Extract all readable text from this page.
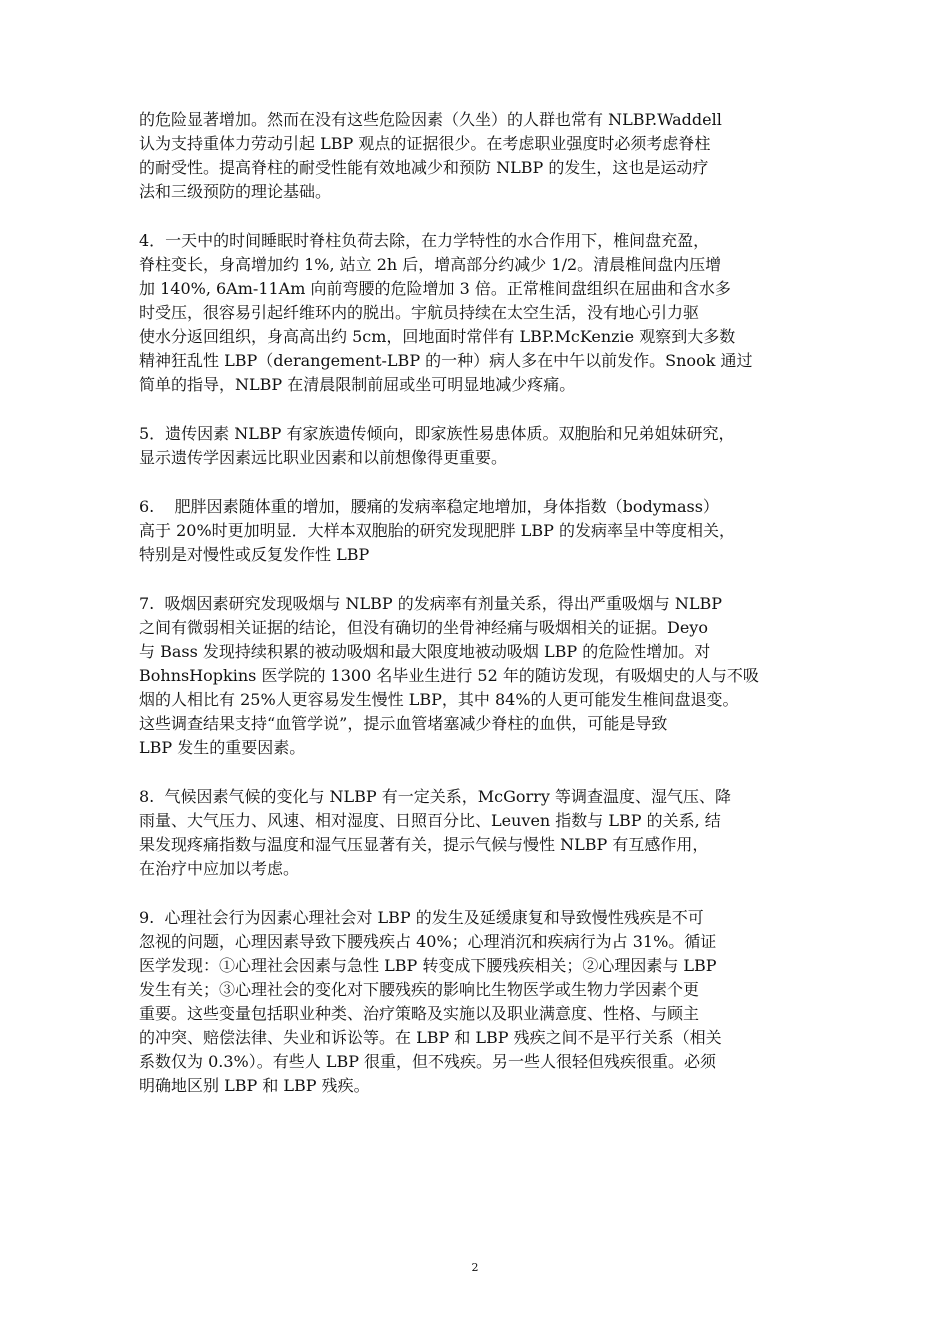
的危险显著增加。然而在没有这些危险因素（久坐）的人群也常有 NLBP.Waddell
认为支持重体力劳动引起 LBP 观点的证据很少。在考虑职业强度时必须考虑脊柱
的耐受性。提高脊柱的耐受性能有效地减少和预防 NLBP 的发生，这也是运动疗
法和三级预防的理论基础。

4．一天中的时间睡眠时脊柱负荷去除，在力学特性的水合作用下，椎间盘充盈，
脊柱变长，身高增加约 1%, 站立 2h 后，增高部分约减少 1/2。清晨椎间盘内压增
加 140%, 6Am-11Am 向前弯腰的危险增加 3 倍。正常椎间盘组织在屈曲和含水多
时受压，很容易引起纤维环内的脱出。宇航员持续在太空生活，没有地心引力驱
使水分返回组织，身高高出约 5cm，回地面时常伴有 LBP.McKenzie 观察到大多数
精神狂乱性 LBP（derangement-LBP 的一种）病人多在中午以前发作。Snook 通过
简单的指导，NLBP 在清晨限制前屈或坐可明显地减少疼痛。

5．遗传因素 NLBP 有家族遗传倾向，即家族性易患体质。双胞胎和兄弟姐妹研究，
显示遗传学因素远比职业因素和以前想像得更重要。

6.    肥胖因素随体重的增加，腰痛的发病率稳定地增加，身体指数（bodymass）
高于 20%时更加明显．大样本双胞胎的研究发现肥胖 LBP 的发病率呈中等度相关，
特别是对慢性或反复发作性 LBP

7.  吸烟因素研究发现吸烟与 NLBP 的发病率有剂量关系，得出严重吸烟与 NLBP
之间有微弱相关证据的结论，但没有确切的坐骨神经痛与吸烟相关的证据。Deyo
与 Bass 发现持续积累的被动吸烟和最大限度地被动吸烟 LBP 的危险性增加。对
BohnsHopkins 医学院的 1300 名毕业生进行 52 年的随访发现，有吸烟史的人与不吸
烟的人相比有 25%人更容易发生慢性 LBP，其中 84%的人更可能发生椎间盘退变。
这些调查结果支持“血管学说”，提示血管堵塞减少脊柱的血供，可能是导致
LBP 发生的重要因素。

8.  气候因素气候的变化与 NLBP 有一定关系，McGorry 等调查温度、湿气压、降
雨量、大气压力、风速、相对湿度、日照百分比、Leuven 指数与 LBP 的关系, 结
果发现疼痛指数与温度和湿气压显著有关，提示气候与慢性 NLBP 有互感作用，
在治疗中应加以考虑。

9.  心理社会行为因素心理社会对 LBP 的发生及延缓康复和导致慢性残疾是不可
忽视的问题，心理因素导致下腰残疾占 40%；心理消沉和疾病行为占 31%。循证
医学发现：①心理社会因素与急性 LBP 转变成下腰残疾相关；②心理因素与 LBP
发生有关；③心理社会的变化对下腰残疾的影响比生物医学或生物力学因素个更
重要。这些变量包括职业种类、治疗策略及实施以及职业满意度、性格、与顾主
的冲突、赔偿法律、失业和诉讼等。在 LBP 和 LBP 残疾之间不是平行关系（相关
系数仅为 0.3%）。有些人 LBP 很重，但不残疾。另一些人很轻但残疾很重。必须
明确地区别 LBP 和 LBP 残疾。

2
